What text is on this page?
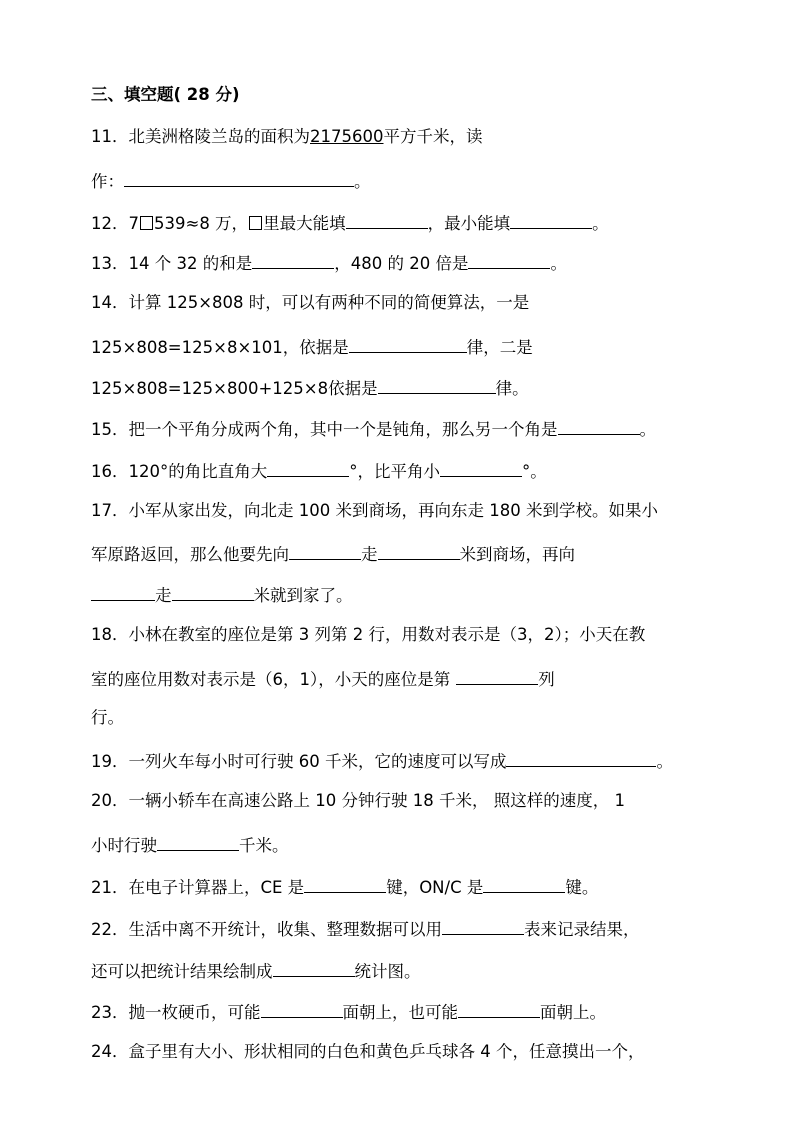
三、填空题( 28 分)
11．北美洲格陵兰岛的面积为2175600平方千米，读
作：	。
12．7 539≈8 万， 里最大能填	，最小能填	。
13．14 个 32 的和是	，480 的 20 倍是	。
14．计算 125×808 时，可以有两种不同的简便算法，一是
125×808=125×8×101，依据是	律，二是
125×808=125×800+125×8依据是	律。
15．把一个平角分成两个角，其中一个是钝角，那么另一个角是	。
16．120°的角比直角大	°，比平角小	°。
17．小军从家出发，向北走 100 米到商场，再向东走 180 米到学校。如果小
军原路返回，那么他要先向	走	米到商场，再向
走	米就到家了。
18．小林在教室的座位是第 3 列第 2 行，用数对表示是（3，2）；小天在教
室的座位用数对表示是（6，1），小天的座位是第	列
行。
19．一列火车每小时可行驶 60 千米，它的速度可以写成	。
20．一辆小轿车在高速公路上 10 分钟行驶 18 千米， 照这样的速度， 1
小时行驶	千米。
21．在电子计算器上，CE 是	键，ON/C 是	键。
22．生活中离不开统计，收集、整理数据可以用	表来记录结果，
还可以把统计结果绘制成	统计图。
23．抛一枚硬币，可能	面朝上，也可能	面朝上。
24．盒子里有大小、形状相同的白色和黄色乒乓球各 4 个，任意摸出一个，
